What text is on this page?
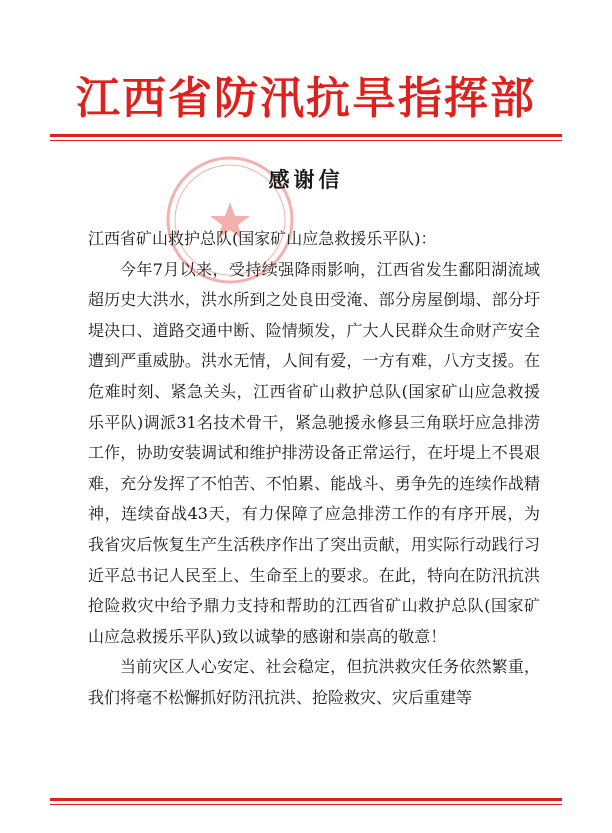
江西省防汛抗旱指挥部
感谢信

江西省矿山救护总队(国家矿山应急救援乐平队)：

今年7月以来，受持续强降雨影响，江西省发生鄱阳湖流域超历史大洪水，洪水所到之处良田受淹、部分房屋倒塌、部分圩堤决口、道路交通中断、险情频发，广大人民群众生命财产安全遭到严重威胁。洪水无情，人间有爱，一方有难，八方支援。在危难时刻、紧急关头，江西省矿山救护总队(国家矿山应急救援乐平队)调派31名技术骨干，紧急驰援永修县三角联圩应急排涝工作，协助安装调试和维护排涝设备正常运行，在圩堤上不畏艰难，充分发挥了不怕苦、不怕累、能战斗、勇争先的连续作战精神，连续奋战43天，有力保障了应急排涝工作的有序开展，为我省灾后恢复生产生活秩序作出了突出贡献，用实际行动践行习近平总书记人民至上、生命至上的要求。在此，特向在防汛抗洪抢险救灾中给予鼎力支持和帮助的江西省矿山救护总队(国家矿山应急救援乐平队)致以诚挚的感谢和崇高的敬意！

当前灾区人心安定、社会稳定，但抗洪救灾任务依然繁重，我们将毫不松懈抓好防汛抗洪、抢险救灾、灾后重建等
